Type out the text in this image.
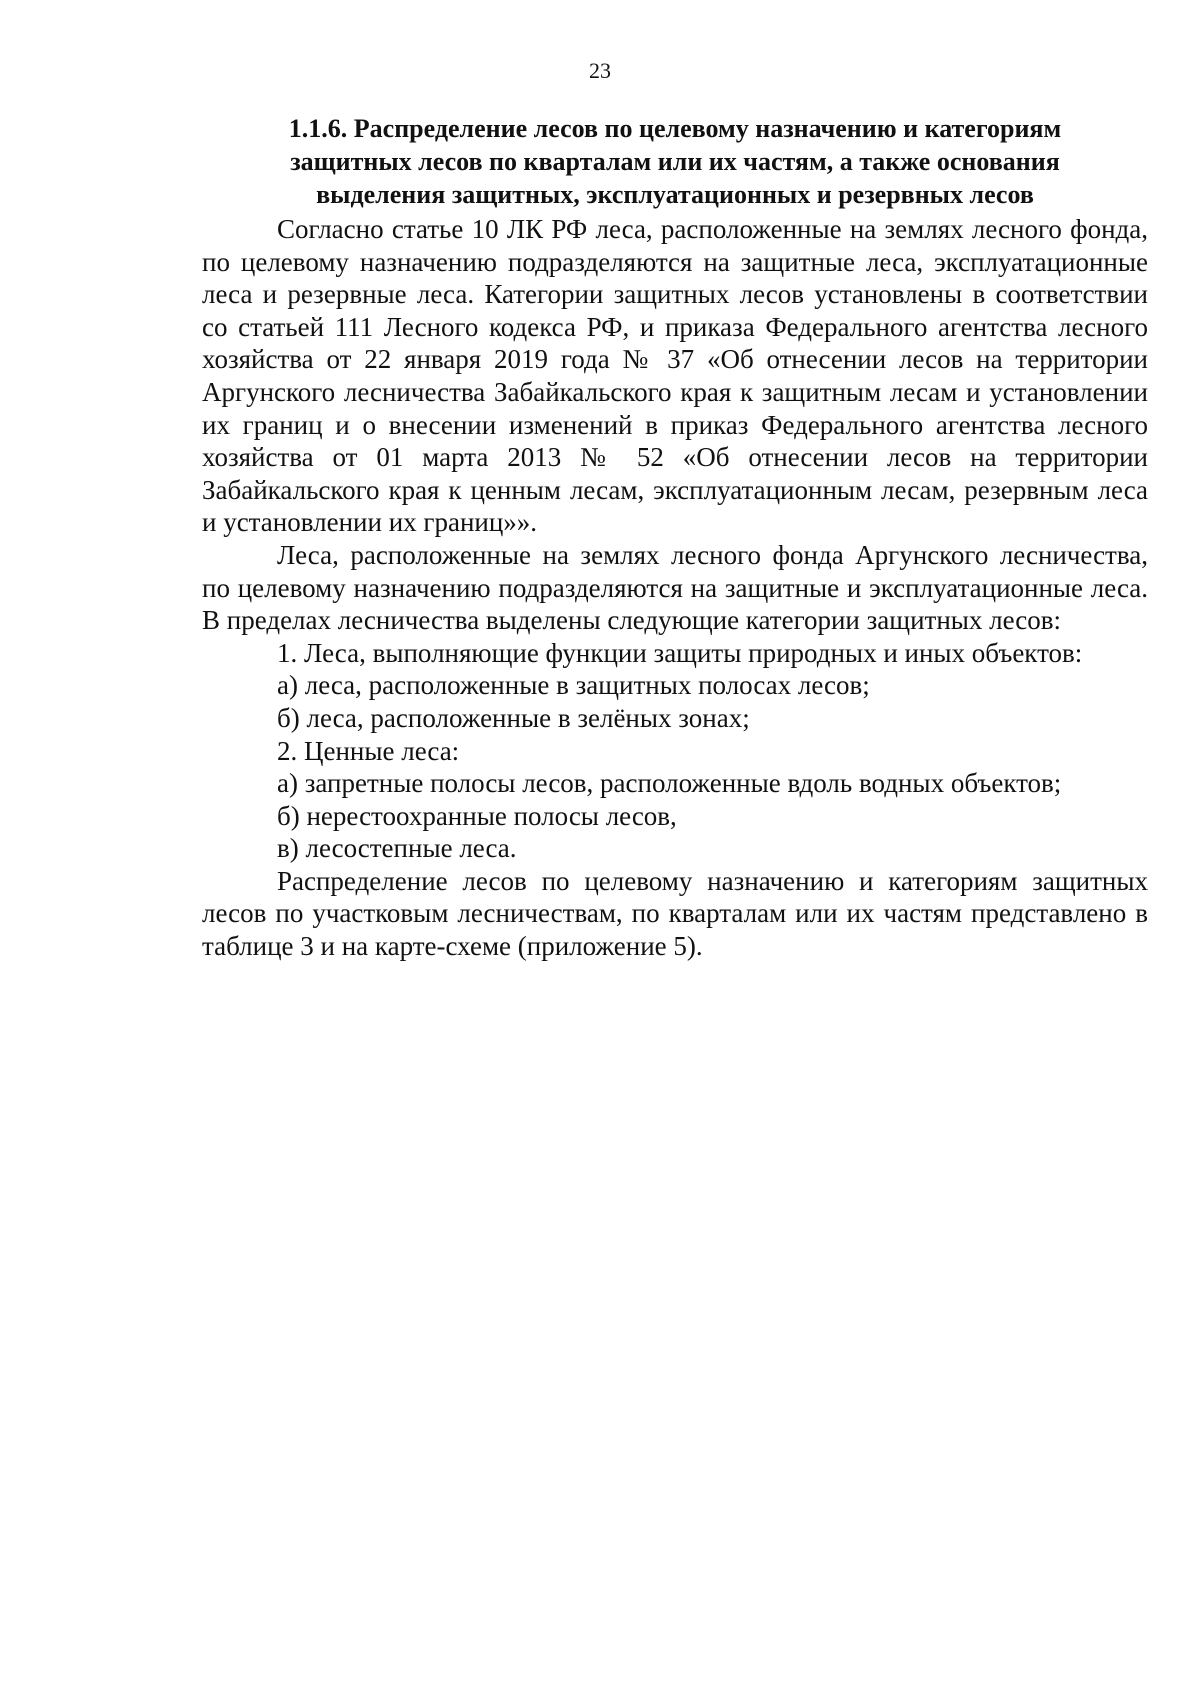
23
1.1.6. Распределение лесов по целевому назначению и категориям
защитных лесов по кварталам или их частям, а также основания
выделения защитных, эксплуатационных и резервных лесов

Согласно статье 10 ЛК РФ леса, расположенные на землях лесного фонда, по целевому назначению подразделяются на защитные леса, эксплуатационные леса и резервные леса. Категории защитных лесов установлены в соответствии со статьей 111 Лесного кодекса РФ, и приказа Федерального агентства лесного хозяйства от 22 января 2019 года № 37 «Об отнесении лесов на территории Аргунского лесничества Забайкальского края к защитным лесам и установлении их границ и о внесении изменений в приказ Федерального агентства лесного хозяйства от 01 марта 2013 № 52 «Об отнесении лесов на территории Забайкальского края к ценным лесам, эксплуатационным лесам, резервным леса и установлении их границ»».

Леса, расположенные на землях лесного фонда Аргунского лесничества, по целевому назначению подразделяются на защитные и эксплуатационные леса. В пределах лесничества выделены следующие категории защитных лесов:

1. Леса, выполняющие функции защиты природных и иных объектов:

а) леса, расположенные в защитных полосах лесов;

б) леса, расположенные в зелёных зонах;

2. Ценные леса:

а) запретные полосы лесов, расположенные вдоль водных объектов;

б) нерестоохранные полосы лесов,

в) лесостепные леса.

Распределение лесов по целевому назначению и категориям защитных лесов по участковым лесничествам, по кварталам или их частям представлено в таблице 3 и на карте-схеме (приложение 5).
